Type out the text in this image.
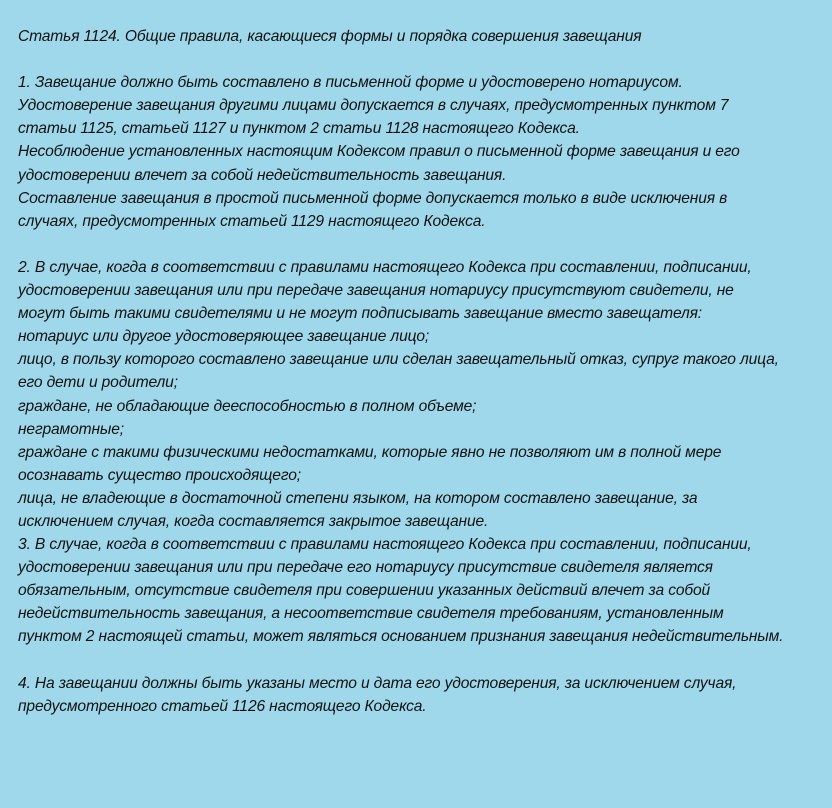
Статья 1124. Общие правила, касающиеся формы и порядка совершения завещания
1. Завещание должно быть составлено в письменной форме и удостоверено нотариусом.
Удостоверение завещания другими лицами допускается в случаях, предусмотренных пунктом 7
статьи 1125, статьей 1127 и пунктом 2 статьи 1128 настоящего Кодекса.
Несоблюдение установленных настоящим Кодексом правил о письменной форме завещания и его
удостоверении влечет за собой недействительность завещания.
Составление завещания в простой письменной форме допускается только в виде исключения в
случаях, предусмотренных статьей 1129 настоящего Кодекса.
2. В случае, когда в соответствии с правилами настоящего Кодекса при составлении, подписании,
удостоверении завещания или при передаче завещания нотариусу присутствуют свидетели, не
могут быть такими свидетелями и не могут подписывать завещание вместо завещателя:
нотариус или другое удостоверяющее завещание лицо;
лицо, в пользу которого составлено завещание или сделан завещательный отказ, супруг такого лица,
его дети и родители;
граждане, не обладающие дееспособностью в полном объеме;
неграмотные;
граждане с такими физическими недостатками, которые явно не позволяют им в полной мере
осознавать существо происходящего;
лица, не владеющие в достаточной степени языком, на котором составлено завещание, за
исключением случая, когда составляется закрытое завещание.
3. В случае, когда в соответствии с правилами настоящего Кодекса при составлении, подписании,
удостоверении завещания или при передаче его нотариусу присутствие свидетеля является
обязательным, отсутствие свидетеля при совершении указанных действий влечет за собой
недействительность завещания, а несоответствие свидетеля требованиям, установленным
пунктом 2 настоящей статьи, может являться основанием признания завещания недействительным.
4. На завещании должны быть указаны место и дата его удостоверения, за исключением случая,
предусмотренного статьей 1126 настоящего Кодекса.
